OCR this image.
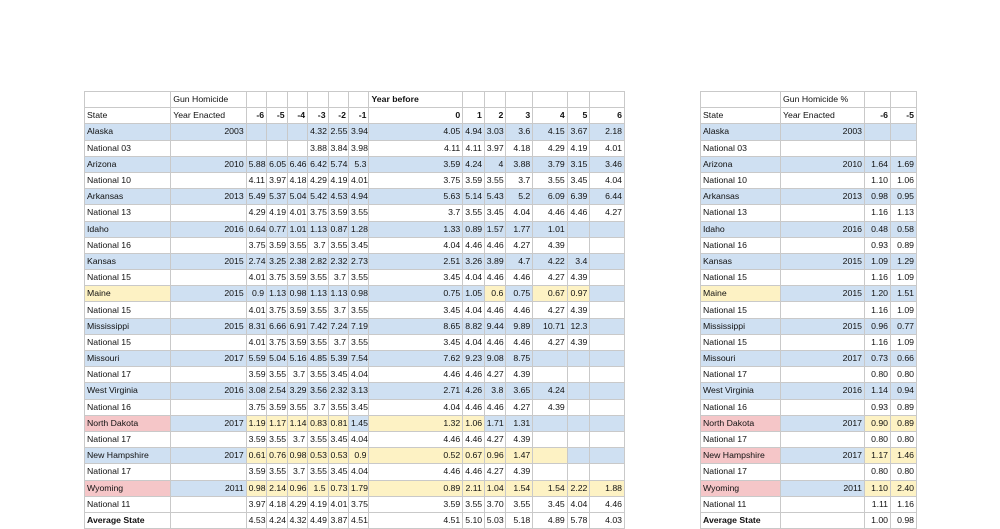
	Gun Homicide							Year before						
State	Year Enacted	-6	-5	-4	-3	-2	-1	0	1	2	3	4	5	6
Alaska	2003				4.32	2.55	3.94	4.05	4.94	3.03	3.6	4.15	3.67	2.18
National 03					3.88	3.84	3.98	4.11	4.11	3.97	4.18	4.29	4.19	4.01
Arizona	2010	5.88	6.05	6.46	6.42	5.74	5.3	3.59	4.24	4	3.88	3.79	3.15	3.46
National 10		4.11	3.97	4.18	4.29	4.19	4.01	3.75	3.59	3.55	3.7	3.55	3.45	4.04
Arkansas	2013	5.49	5.37	5.04	5.42	4.53	4.94	5.63	5.14	5.43	5.2	6.09	6.39	6.44
National 13		4.29	4.19	4.01	3.75	3.59	3.55	3.7	3.55	3.45	4.04	4.46	4.46	4.27
Idaho	2016	0.64	0.77	1.01	1.13	0.87	1.28	1.33	0.89	1.57	1.77	1.01		
National 16		3.75	3.59	3.55	3.7	3.55	3.45	4.04	4.46	4.46	4.27	4.39		
Kansas	2015	2.74	3.25	2.38	2.82	2.32	2.73	2.51	3.26	3.89	4.7	4.22	3.4	
National 15		4.01	3.75	3.59	3.55	3.7	3.55	3.45	4.04	4.46	4.46	4.27	4.39	
Maine	2015	0.9	1.13	0.98	1.13	1.13	0.98	0.75	1.05	0.6	0.75	0.67	0.97	
National 15		4.01	3.75	3.59	3.55	3.7	3.55	3.45	4.04	4.46	4.46	4.27	4.39	
Mississippi	2015	8.31	6.66	6.91	7.42	7.24	7.19	8.65	8.82	9.44	9.89	10.71	12.3	
National 15		4.01	3.75	3.59	3.55	3.7	3.55	3.45	4.04	4.46	4.46	4.27	4.39	
Missouri	2017	5.59	5.04	5.16	4.85	5.39	7.54	7.62	9.23	9.08	8.75			
National 17		3.59	3.55	3.7	3.55	3.45	4.04	4.46	4.46	4.27	4.39			
West Virginia	2016	3.08	2.54	3.29	3.56	2.32	3.13	2.71	4.26	3.8	3.65	4.24		
National 16		3.75	3.59	3.55	3.7	3.55	3.45	4.04	4.46	4.46	4.27	4.39		
North Dakota	2017	1.19	1.17	1.14	0.83	0.81	1.45	1.32	1.06	1.71	1.31			
National 17		3.59	3.55	3.7	3.55	3.45	4.04	4.46	4.46	4.27	4.39			
New Hampshire	2017	0.61	0.76	0.98	0.53	0.53	0.9	0.52	0.67	0.96	1.47			
National 17		3.59	3.55	3.7	3.55	3.45	4.04	4.46	4.46	4.27	4.39			
Wyoming	2011	0.98	2.14	0.96	1.5	0.73	1.79	0.89	2.11	1.04	1.54	1.54	2.22	1.88
National 11		3.97	4.18	4.29	4.19	4.01	3.75	3.59	3.55	3.70	3.55	3.45	4.04	4.46
Average State		4.53	4.24	4.32	4.49	3.87	4.51	4.51	5.10	5.03	5.18	4.89	5.78	4.03
	Gun Homicide %		
State	Year Enacted	-6	-5
Alaska	2003		
National 03			
Arizona	2010	1.64	1.69
National 10		1.10	1.06
Arkansas	2013	0.98	0.95
National 13		1.16	1.13
Idaho	2016	0.48	0.58
National 16		0.93	0.89
Kansas	2015	1.09	1.29
National 15		1.16	1.09
Maine	2015	1.20	1.51
National 15		1.16	1.09
Mississippi	2015	0.96	0.77
National 15		1.16	1.09
Missouri	2017	0.73	0.66
National 17		0.80	0.80
West Virginia	2016	1.14	0.94
National 16		0.93	0.89
North Dakota	2017	0.90	0.89
National 17		0.80	0.80
New Hampshire	2017	1.17	1.46
National 17		0.80	0.80
Wyoming	2011	1.10	2.40
National 11		1.11	1.16
Average State		1.00	0.98
